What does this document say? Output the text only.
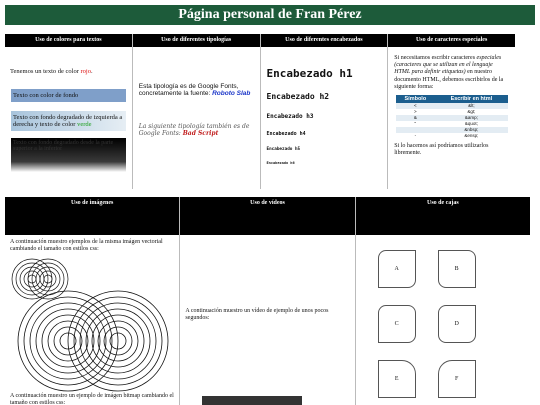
Página personal de Fran Pérez
Uso de colores para textos

Tenemos un texto de color rojo.

Texto con color de fondo
Texto con fondo degradado de izquierda a derecha y texto de color verde
Texto con fondo degradado desde la parte superior a la inferior
Uso de diferentes tipologías

Esta tipología es de Google Fonts, concretamente la fuente: Roboto Slab

La siguiente tipología también es de Google Fonts: Bad Script

Uso de diferentes encabezados
Encabezado h1
Encabezado h2
Encabezado h3
Encabezado h4
Encabezado h5
Encabezado h6
Uso de caracteres especiales

Si necesitamos escribir caracteres especiales (caracteres que se utilizan en el lenguaje HTML para definir etiquetas) en nuestro documento HTML, debemos escribirlos de la siguiente forma:

Símbolo	Escribir en html
<	&lt;
>	&gt;
&	&amp;
"	&quot;
	&nbsp;
-	&ensp;

Si lo hacemos así podríamos utilizarlos libremente.

Uso de imágenes

A continuación muestro ejemplos de la misma imágen vectorial cambiando el tamaño con estilos css:

A continuación muestro un ejemplo de imágen bitmap cambiando el tamaño con estilos css:

Uso de vídeos

A continuación muestro un vídeo de ejemplo de unos pocos segundos:

Uso de cajas
A	B
C	D
E	F
